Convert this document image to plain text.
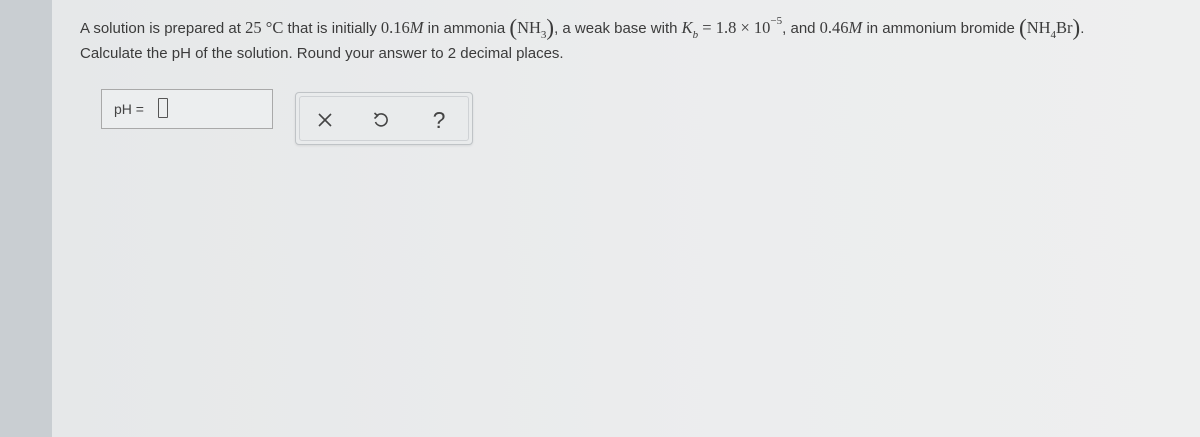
A solution is prepared at 25 °C that is initially 0.16M in ammonia $(NH_3)$, a weak base with $K_b = 1.8 \times 10^{-5}$, and 0.46M in ammonium bromide $(NH_4Br)$.
Calculate the pH of the solution. Round your answer to 2 decimal places.
pH =	?
